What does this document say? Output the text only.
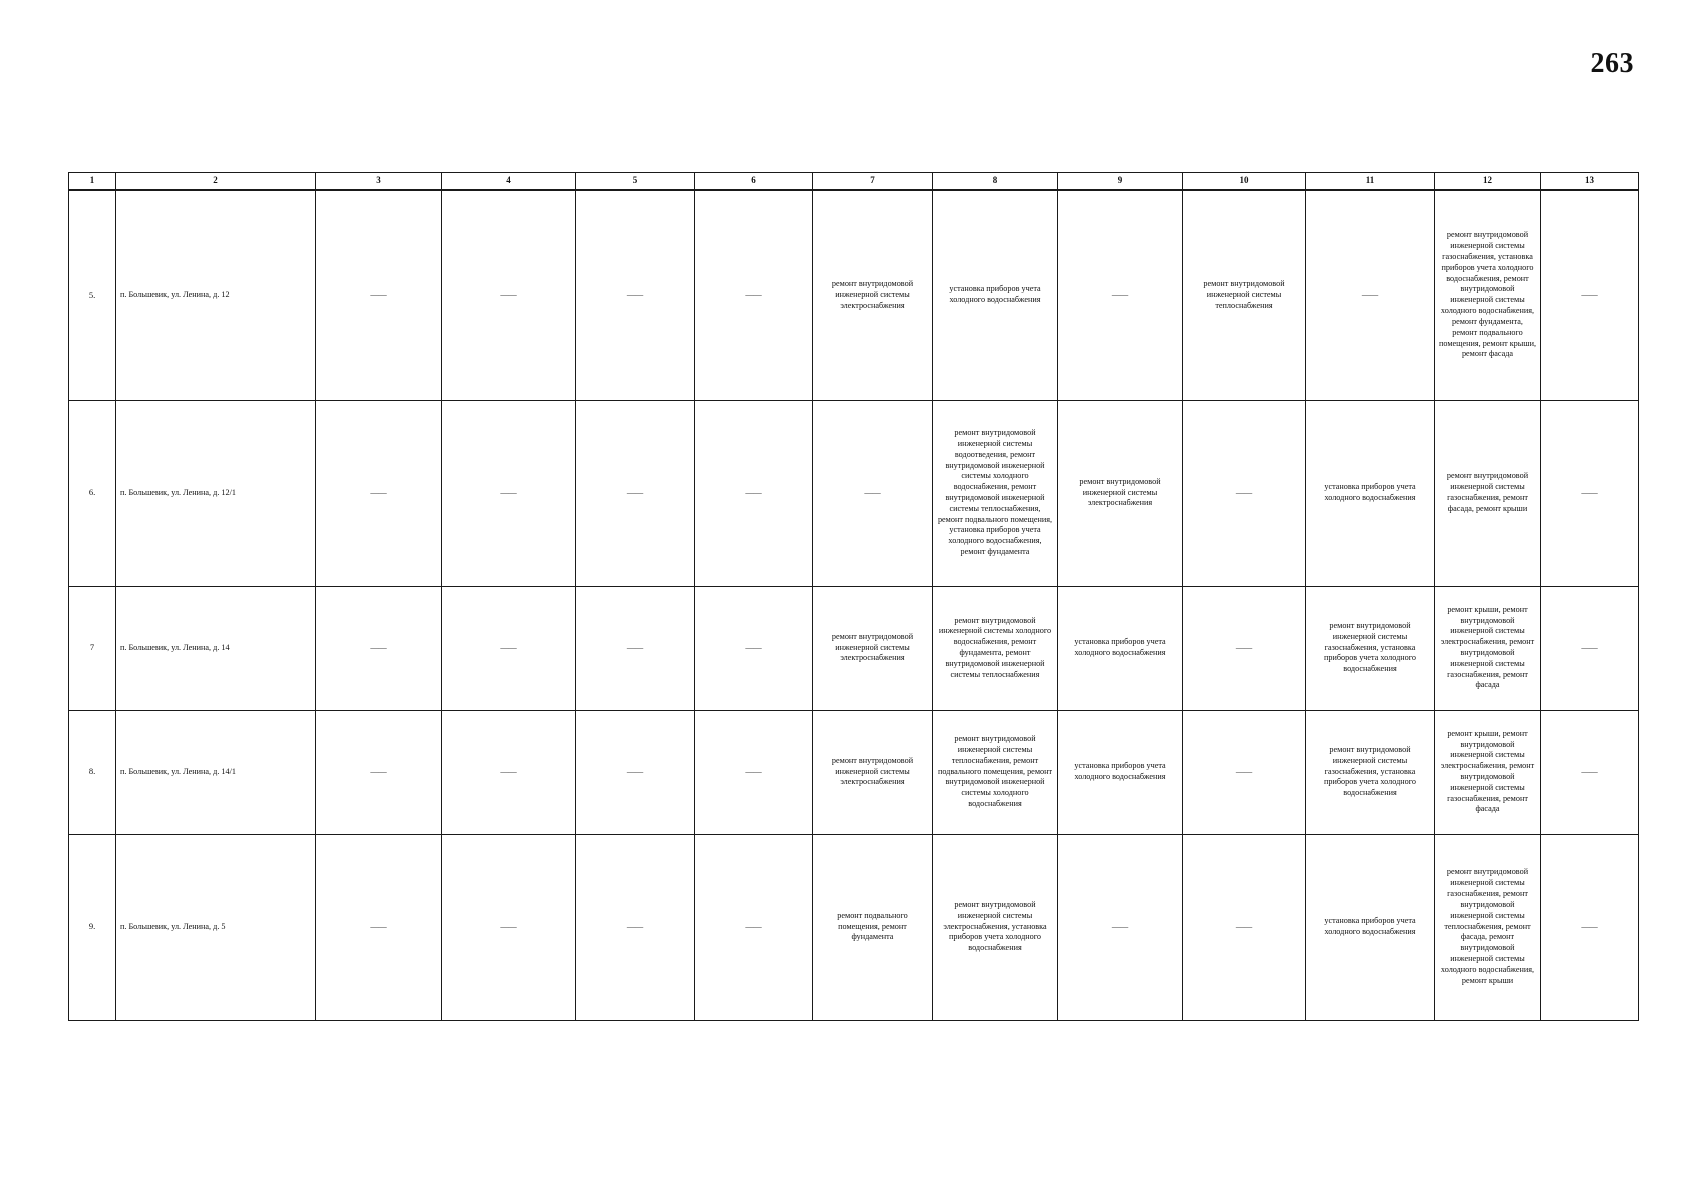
263
1	2	3	4	5	6	7	8	9	10	11	12	13
5.	п. Большевик, ул. Ленина, д. 12	——	——	——	——	ремонт внутридомовой инженерной системы электроснабжения	установка приборов учета холодного водоснабжения	——	ремонт внутридомовой инженерной системы теплоснабжения	——	ремонт внутридомовой инженерной системы газоснабжения, установка приборов учета холодного водоснабжения, ремонт внутридомовой инженерной системы холодного водоснабжения, ремонт фундамента, ремонт подвального помещения, ремонт крыши, ремонт фасада	——
6.	п. Большевик, ул. Ленина, д. 12/1	——	——	——	——	——	ремонт внутридомовой инженерной системы водоотведения, ремонт внутридомовой инженерной системы холодного водоснабжения, ремонт внутридомовой инженерной системы теплоснабжения, ремонт подвального помещения, установка приборов учета холодного водоснабжения, ремонт фундамента	ремонт внутридомовой инженерной системы электроснабжения	——	установка приборов учета холодного водоснабжения	ремонт внутридомовой инженерной системы газоснабжения, ремонт фасада, ремонт крыши	——
7	п. Большевик, ул. Ленина, д. 14	——	——	——	——	ремонт внутридомовой инженерной системы электроснабжения	ремонт внутридомовой инженерной системы холодного водоснабжения, ремонт фундамента, ремонт внутридомовой инженерной системы теплоснабжения	установка приборов учета холодного водоснабжения	——	ремонт внутридомовой инженерной системы газоснабжения, установка приборов учета холодного водоснабжения	ремонт крыши, ремонт внутридомовой инженерной системы электроснабжения, ремонт внутридомовой инженерной системы газоснабжения, ремонт фасада	——
8.	п. Большевик, ул. Ленина, д. 14/1	——	——	——	——	ремонт внутридомовой инженерной системы электроснабжения	ремонт внутридомовой инженерной системы теплоснабжения, ремонт подвального помещения, ремонт внутридомовой инженерной системы холодного водоснабжения	установка приборов учета холодного водоснабжения	——	ремонт внутридомовой инженерной системы газоснабжения, установка приборов учета холодного водоснабжения	ремонт крыши, ремонт внутридомовой инженерной системы электроснабжения, ремонт внутридомовой инженерной системы газоснабжения, ремонт фасада	——
9.	п. Большевик, ул. Ленина, д. 5	——	——	——	——	ремонт подвального помещения, ремонт фундамента	ремонт внутридомовой инженерной системы электроснабжения, установка приборов учета холодного водоснабжения	——	——	установка приборов учета холодного водоснабжения	ремонт внутридомовой инженерной системы газоснабжения, ремонт внутридомовой инженерной системы теплоснабжения, ремонт фасада, ремонт внутридомовой инженерной системы холодного водоснабжения, ремонт крыши	——
